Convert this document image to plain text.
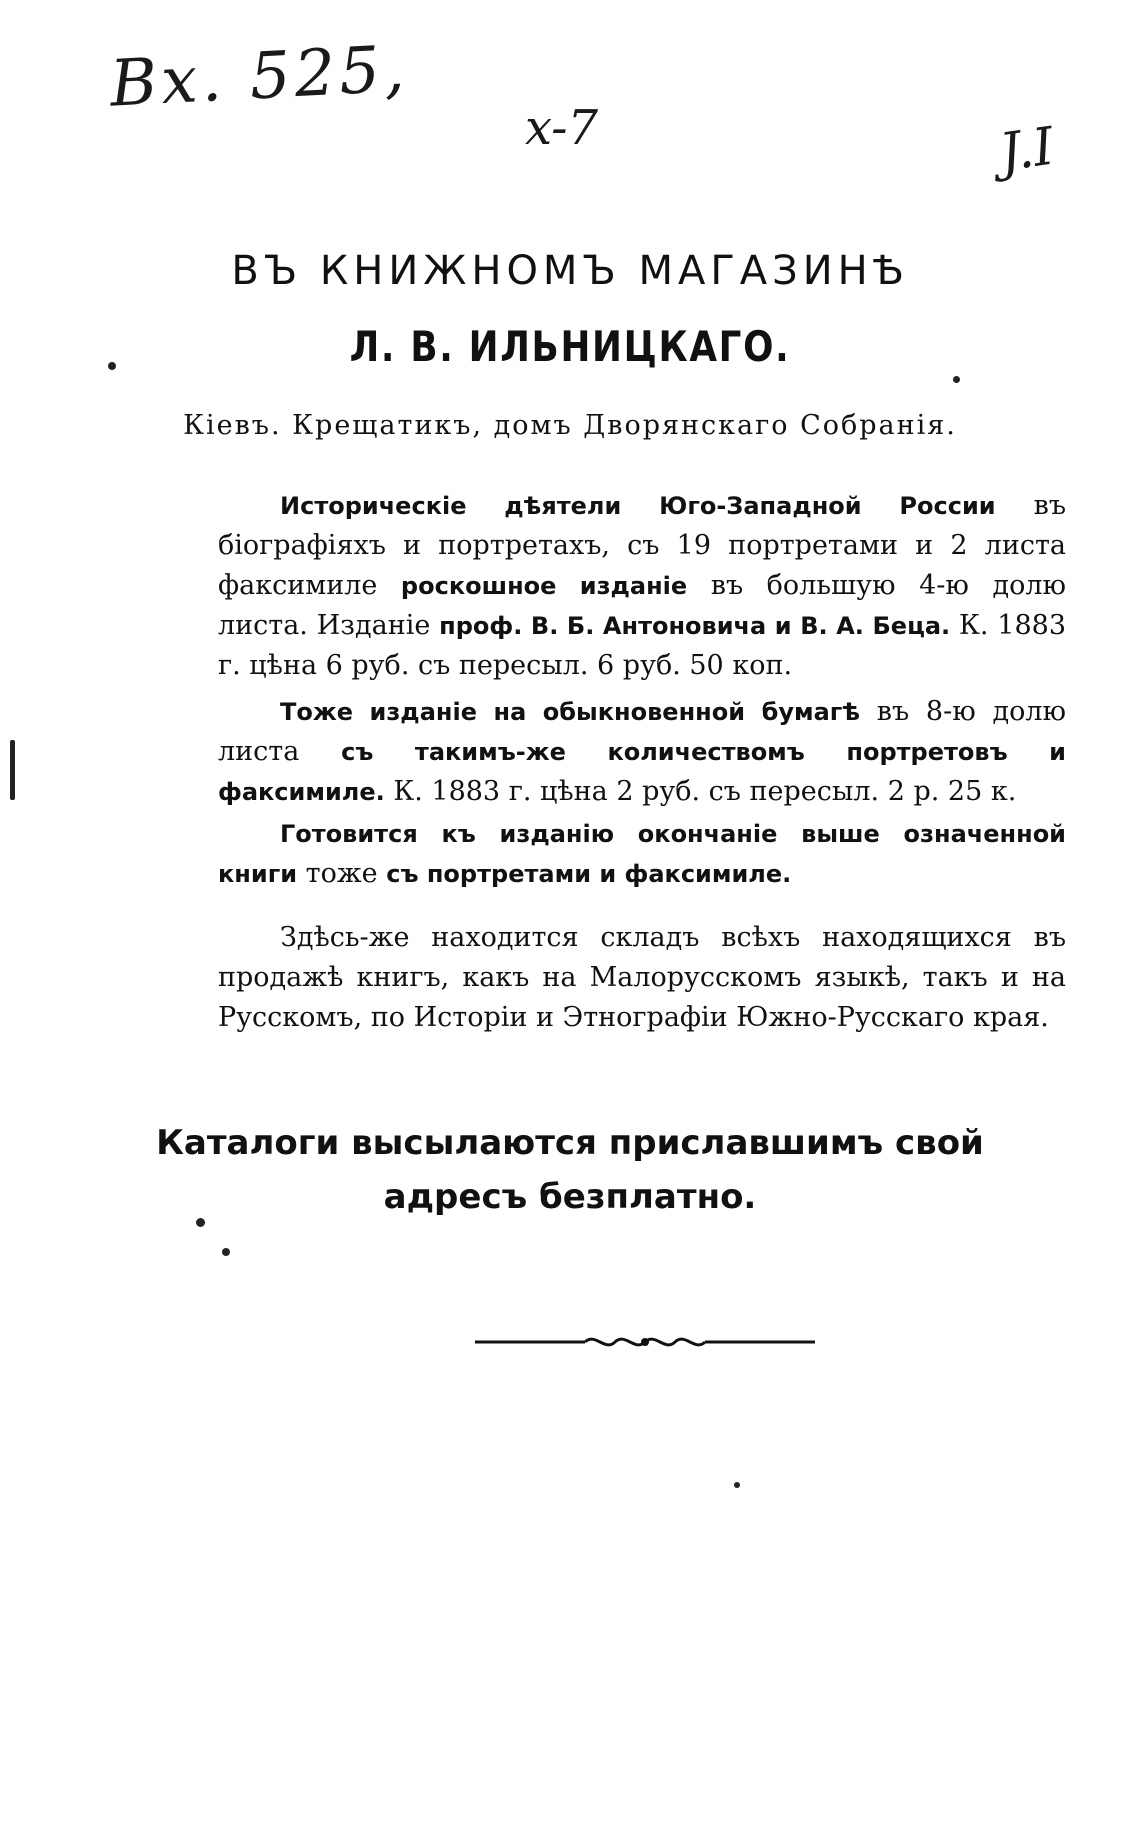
Вх. 525,
x-7	J.I
ВЪ КНИЖНОМЪ МАГАЗИНѢ
Л. В. ИЛЬНИЦКАГО.
Кіевъ. Крещатикъ, домъ Дворянскаго Собранія.
Историческіе дѣятели Юго-Западной России въ біографіяхъ и портретахъ, съ 19 портретами и 2 листа факсимиле роскошное изданіе въ большую 4-ю долю листа. Изданіе проф. В. Б. Антоновича и В. А. Беца. К. 1883 г. цѣна 6 руб. съ пересыл. 6 руб. 50 коп.
Тоже изданіе на обыкновенной бумагѣ въ 8-ю долю листа съ такимъ-же количествомъ портретовъ и факсимиле. К. 1883 г. цѣна 2 руб. съ пересыл. 2 р. 25 к.
Готовится къ изданію окончаніе выше означенной книги тоже съ портретами и факсимиле.
Здѣсь-же находится складъ всѣхъ находящихся въ продажѣ книгъ, какъ на Малорусскомъ языкѣ, такъ и на Русскомъ, по Исторіи и Этнографіи Южно-Русскаго края.
Каталоги высылаются приславшимъ свой
адресъ безплатно.
